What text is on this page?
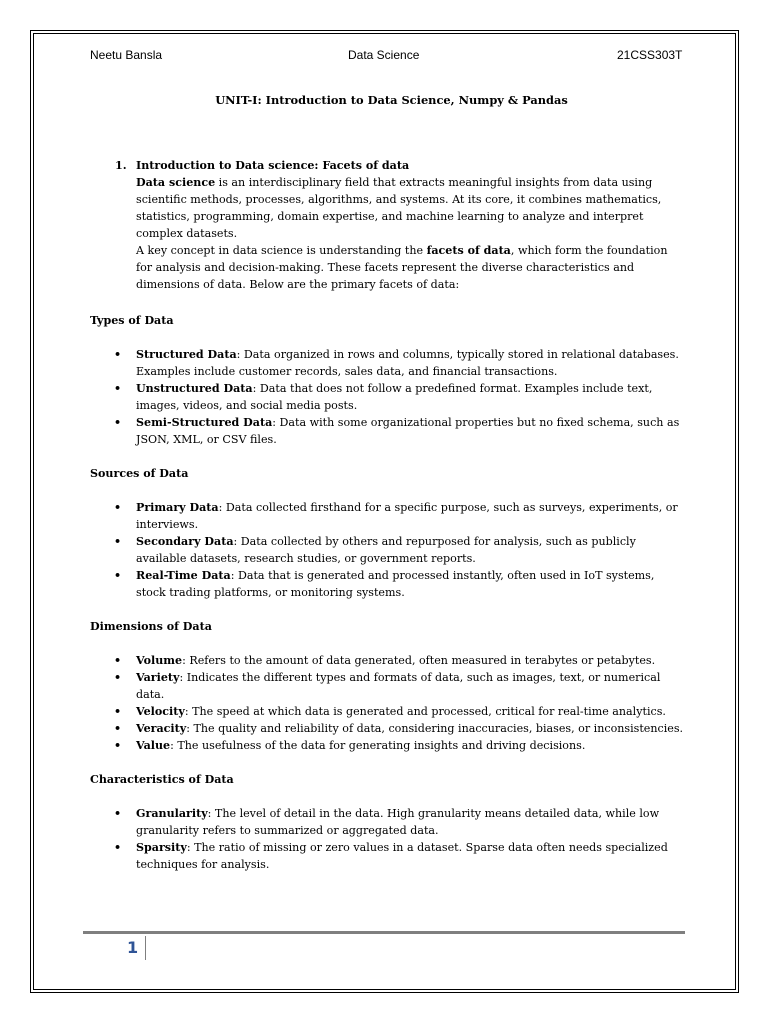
Neetu Bansla	Data Science	21CSS303T

UNIT-I: Introduction to Data Science, Numpy & Pandas

1. Introduction to Data science: Facets of data

Data science is an interdisciplinary field that extracts meaningful insights from data using scientific methods, processes, algorithms, and systems. At its core, it combines mathematics, statistics, programming, domain expertise, and machine learning to analyze and interpret complex datasets.

A key concept in data science is understanding the facets of data, which form the foundation for analysis and decision-making. These facets represent the diverse characteristics and dimensions of data. Below are the primary facets of data:

Types of Data

• Structured Data: Data organized in rows and columns, typically stored in relational databases. Examples include customer records, sales data, and financial transactions.
• Unstructured Data: Data that does not follow a predefined format. Examples include text, images, videos, and social media posts.
• Semi-Structured Data: Data with some organizational properties but no fixed schema, such as JSON, XML, or CSV files.

Sources of Data

• Primary Data: Data collected firsthand for a specific purpose, such as surveys, experiments, or interviews.
• Secondary Data: Data collected by others and repurposed for analysis, such as publicly available datasets, research studies, or government reports.
• Real-Time Data: Data that is generated and processed instantly, often used in IoT systems, stock trading platforms, or monitoring systems.

Dimensions of Data

• Volume: Refers to the amount of data generated, often measured in terabytes or petabytes.
• Variety: Indicates the different types and formats of data, such as images, text, or numerical data.
• Velocity: The speed at which data is generated and processed, critical for real-time analytics.
• Veracity: The quality and reliability of data, considering inaccuracies, biases, or inconsistencies.
• Value: The usefulness of the data for generating insights and driving decisions.

Characteristics of Data

• Granularity: The level of detail in the data. High granularity means detailed data, while low granularity refers to summarized or aggregated data.
• Sparsity: The ratio of missing or zero values in a dataset. Sparse data often needs specialized techniques for analysis.
1
